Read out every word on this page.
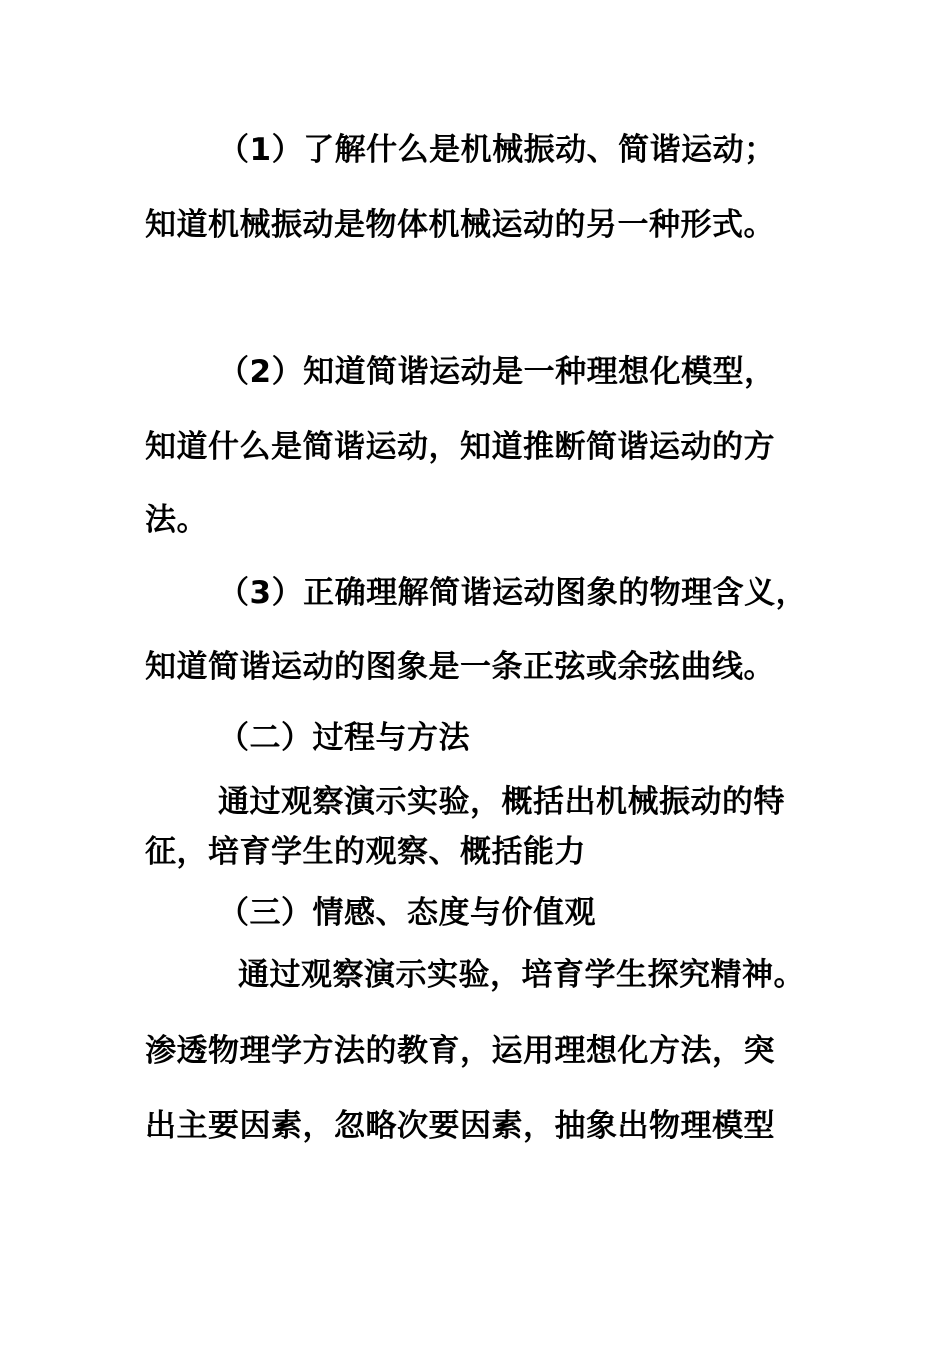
（1）了解什么是机械振动、简谐运动；
知道机械振动是物体机械运动的另一种形式。
（2）知道简谐运动是一种理想化模型，
知道什么是简谐运动，知道推断简谐运动的方
法。
（3）正确理解简谐运动图象的物理含义，
知道简谐运动的图象是一条正弦或余弦曲线。
（二）过程与方法
通过观察演示实验，概括出机械振动的特
征，培育学生的观察、概括能力
（三）情感、态度与价值观
通过观察演示实验，培育学生探究精神。
渗透物理学方法的教育，运用理想化方法，突
出主要因素，忽略次要因素，抽象出物理模型
